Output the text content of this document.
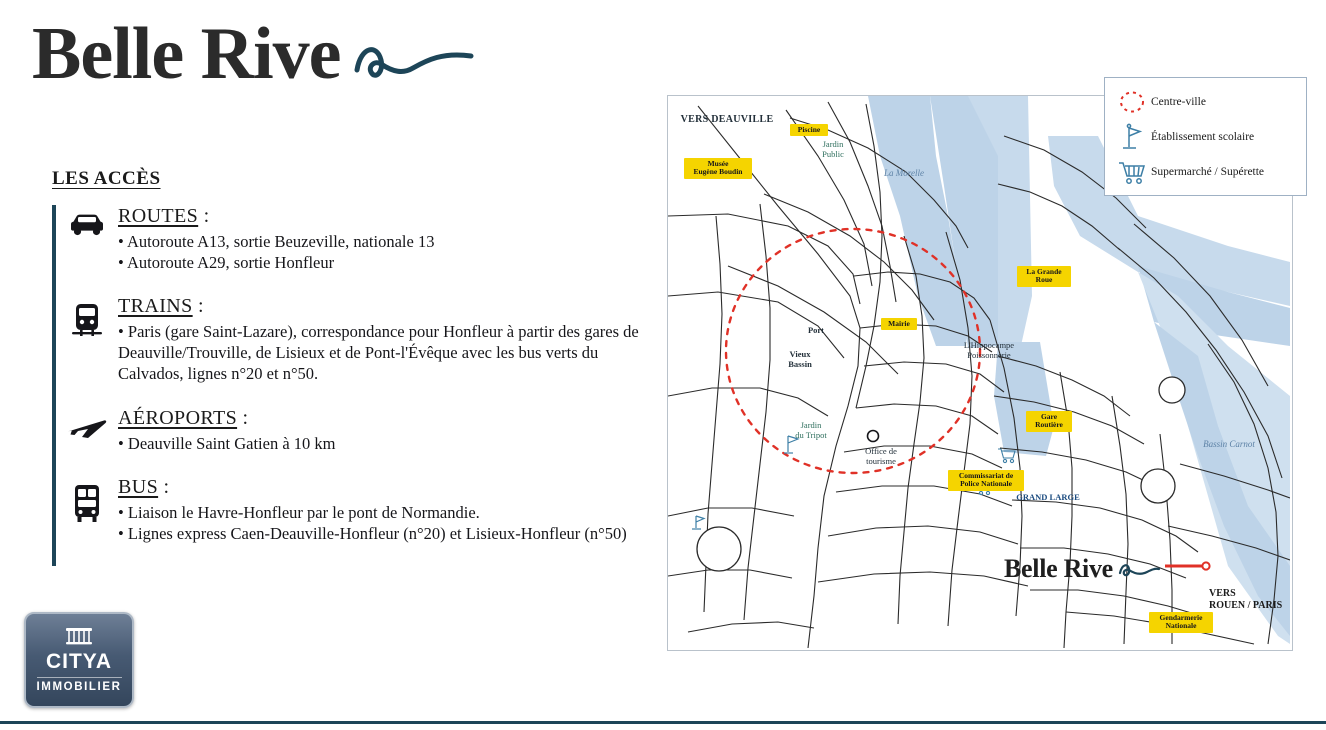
Belle Rive
LES ACCÈS
ROUTES :
• Autoroute A13, sortie Beuzeville, nationale 13
• Autoroute A29, sortie Honfleur
TRAINS :
• Paris (gare Saint-Lazare), correspondance pour Honfleur à partir des gares de Deauville/Trouville, de Lisieux et de Pont-l'Évêque avec les bus verts du Calvados, lignes n°20 et n°50.
AÉROPORTS :
• Deauville Saint Gatien à 10 km
BUS :
• Liaison le Havre-Honfleur par le pont de Normandie.
• Lignes express Caen-Deauville-Honfleur (n°20) et Lisieux-Honfleur (n°50)
CITYA
IMMOBILIER
VERS DEAUVILLE
La Morelle
Bassin Carnot
Jardin
Public
Port
Vieux
Bassin
Jardin
du Tripot
Office de
tourisme
L'Hippocampe
Poissonnerie
GRAND LARGE
Piscine
Musée
Eugène Boudin
Mairie
La Grande
Roue
Gare
Routière
Commissariat de
Police Nationale
Gendarmerie
Nationale
Belle Rive
VERS
ROUEN / PARIS
Centre-ville
Établissement scolaire
Supermarché / Supérette
